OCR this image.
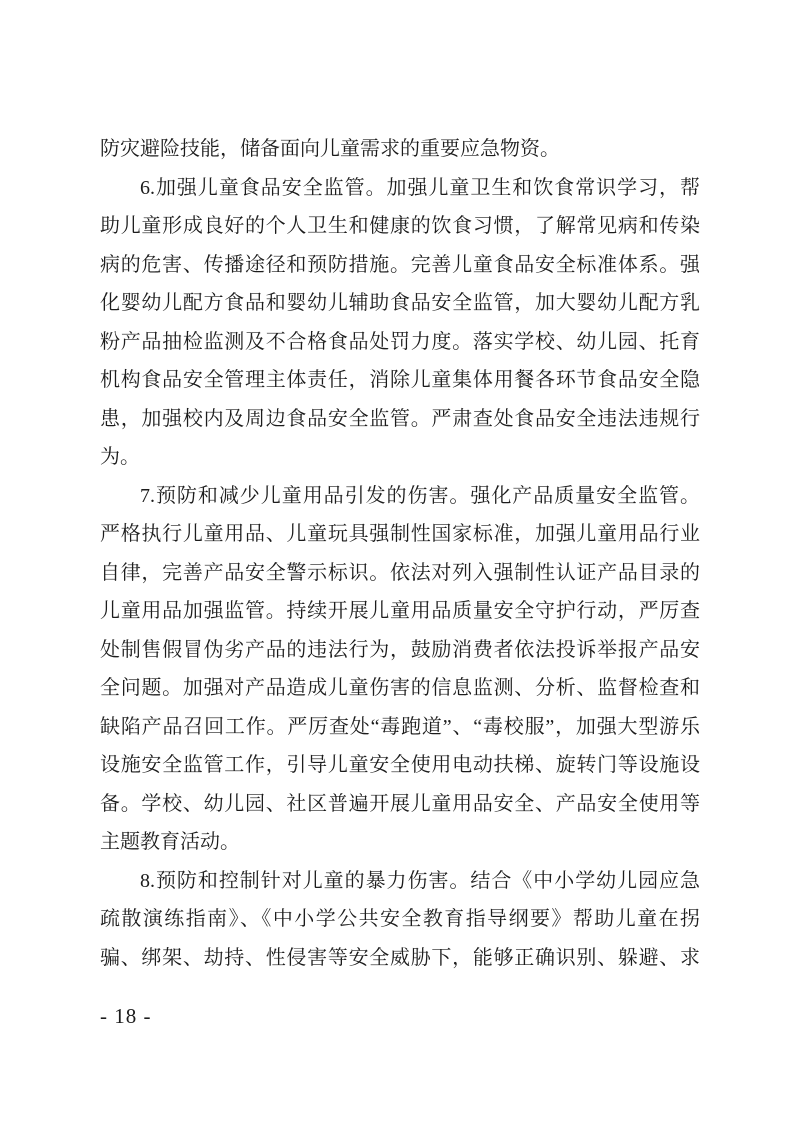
防灾避险技能，储备面向儿童需求的重要应急物资。
6.加强儿童食品安全监管。加强儿童卫生和饮食常识学习，帮
助儿童形成良好的个人卫生和健康的饮食习惯，了解常见病和传染
病的危害、传播途径和预防措施。完善儿童食品安全标准体系。强
化婴幼儿配方食品和婴幼儿辅助食品安全监管，加大婴幼儿配方乳
粉产品抽检监测及不合格食品处罚力度。落实学校、幼儿园、托育
机构食品安全管理主体责任，消除儿童集体用餐各环节食品安全隐
患，加强校内及周边食品安全监管。严肃查处食品安全违法违规行
为。
7.预防和减少儿童用品引发的伤害。强化产品质量安全监管。
严格执行儿童用品、儿童玩具强制性国家标准，加强儿童用品行业
自律，完善产品安全警示标识。依法对列入强制性认证产品目录的
儿童用品加强监管。持续开展儿童用品质量安全守护行动，严厉查
处制售假冒伪劣产品的违法行为，鼓励消费者依法投诉举报产品安
全问题。加强对产品造成儿童伤害的信息监测、分析、监督检查和
缺陷产品召回工作。严厉查处“毒跑道”、“毒校服”，加强大型游乐
设施安全监管工作，引导儿童安全使用电动扶梯、旋转门等设施设
备。学校、幼儿园、社区普遍开展儿童用品安全、产品安全使用等
主题教育活动。
8.预防和控制针对儿童的暴力伤害。结合《中小学幼儿园应急
疏散演练指南》、《中小学公共安全教育指导纲要》帮助儿童在拐
骗、绑架、劫持、性侵害等安全威胁下，能够正确识别、躲避、求
- 18 -
